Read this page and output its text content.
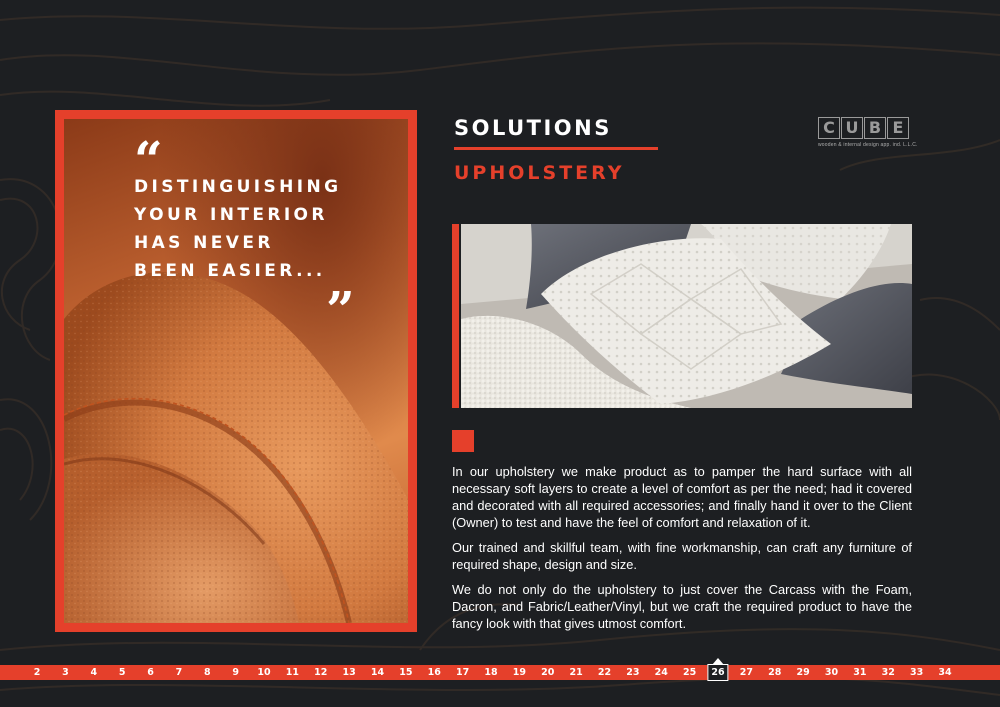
“

DISTINGUISHING
YOUR INTERIOR
HAS NEVER
BEEN EASIER...

”
SOLUTIONS
UPHOLSTERY
C U B E
wooden & internal design app. ind. L.L.C.

In our upholstery we make product as to pamper the hard surface with all necessary soft layers to create a level of comfort as per the need; had it covered and decorated with all required accessories; and finally hand it over to the Client (Owner) to test and have the feel of comfort and relaxation of it.

Our trained and skillful team, with fine workmanship, can craft any furniture of required shape, design and size.

We do not only do the upholstery to just cover the Carcass with the Foam, Dacron, and Fabric/Leather/Vinyl, but we craft the required product to have the fancy look with that gives utmost comfort.

2 3 4 5 6 7 8 9 10 11 12 13 14 15 16 17 18 19 20 21 22 23 24 25	26	27 28 29 30 31 32 33 34
